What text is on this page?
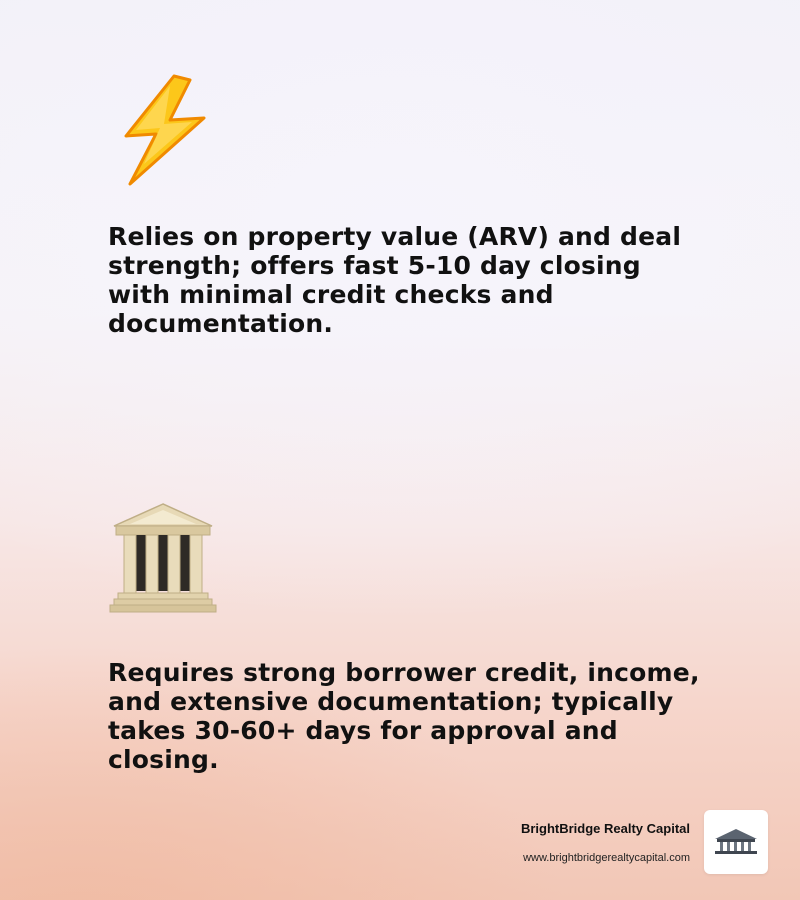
Relies on property value (ARV) and deal strength; offers fast 5-10 day closing with minimal credit checks and documentation.

Requires strong borrower credit, income, and extensive documentation; typically takes 30-60+ days for approval and closing.

BrightBridge Realty Capital
www.brightbridgerealtycapital.com
